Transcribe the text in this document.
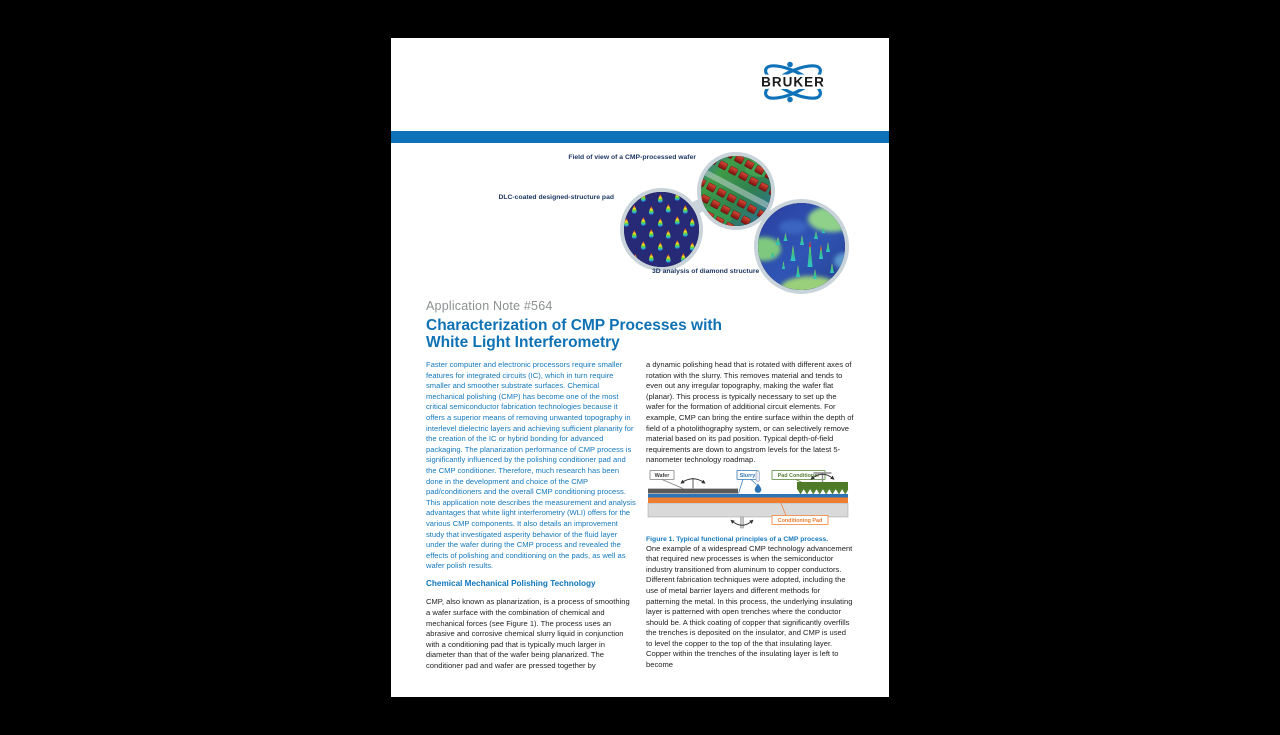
BRUKER
Field of view of a CMP-processed wafer
DLC-coated designed-structure pad
3D analysis of diamond structure
Application Note #564
Characterization of CMP Processes with
White Light Interferometry

Faster computer and electronic processors require smaller features for integrated circuits (IC), which in turn require smaller and smoother substrate surfaces. Chemical mechanical polishing (CMP) has become one of the most critical semiconductor fabrication technologies because it offers a superior means of removing unwanted topography in interlevel dielectric layers and achieving sufficient planarity for the creation of the IC or hybrid bonding for advanced packaging. The planarization performance of CMP process is significantly influenced by the polishing conditioner pad and the CMP conditioner. Therefore, much research has been done in the development and choice of the CMP pad/conditioners and the overall CMP conditioning process. This application note describes the measurement and analysis advantages that white light interferometry (WLI) offers for the various CMP components. It also details an improvement study that investigated asperity behavior of the fluid layer under the wafer during the CMP process and revealed the effects of polishing and conditioning on the pads, as well as wafer polish results.

Chemical Mechanical Polishing Technology

CMP, also known as planarization, is a process of smoothing a wafer surface with the combination of chemical and mechanical forces (see Figure 1). The process uses an abrasive and corrosive chemical slurry liquid in conjunction with a conditioning pad that is typically much larger in diameter than that of the wafer being planarized. The conditioner pad and wafer are pressed together by

a dynamic polishing head that is rotated with different axes of rotation with the slurry. This removes material and tends to even out any irregular topography, making the wafer flat (planar). This process is typically necessary to set up the wafer for the formation of additional circuit elements. For example, CMP can bring the entire surface within the depth of field of a photolithography system, or can selectively remove material based on its pad position. Typical depth-of-field requirements are down to angstrom levels for the latest 5-nanometer technology roadmap.

Wafer	Slurry	Pad Conditioner
Conditioning Pad
Figure 1. Typical functional principles of a CMP process.

One example of a widespread CMP technology advancement that required new processes is when the semiconductor industry transitioned from aluminum to copper conductors. Different fabrication techniques were adopted, including the use of metal barrier layers and different methods for patterning the metal. In this process, the underlying insulating layer is patterned with open trenches where the conductor should be. A thick coating of copper that significantly overfills the trenches is deposited on the insulator, and CMP is used to level the copper to the top of the that insulating layer. Copper within the trenches of the insulating layer is left to become
